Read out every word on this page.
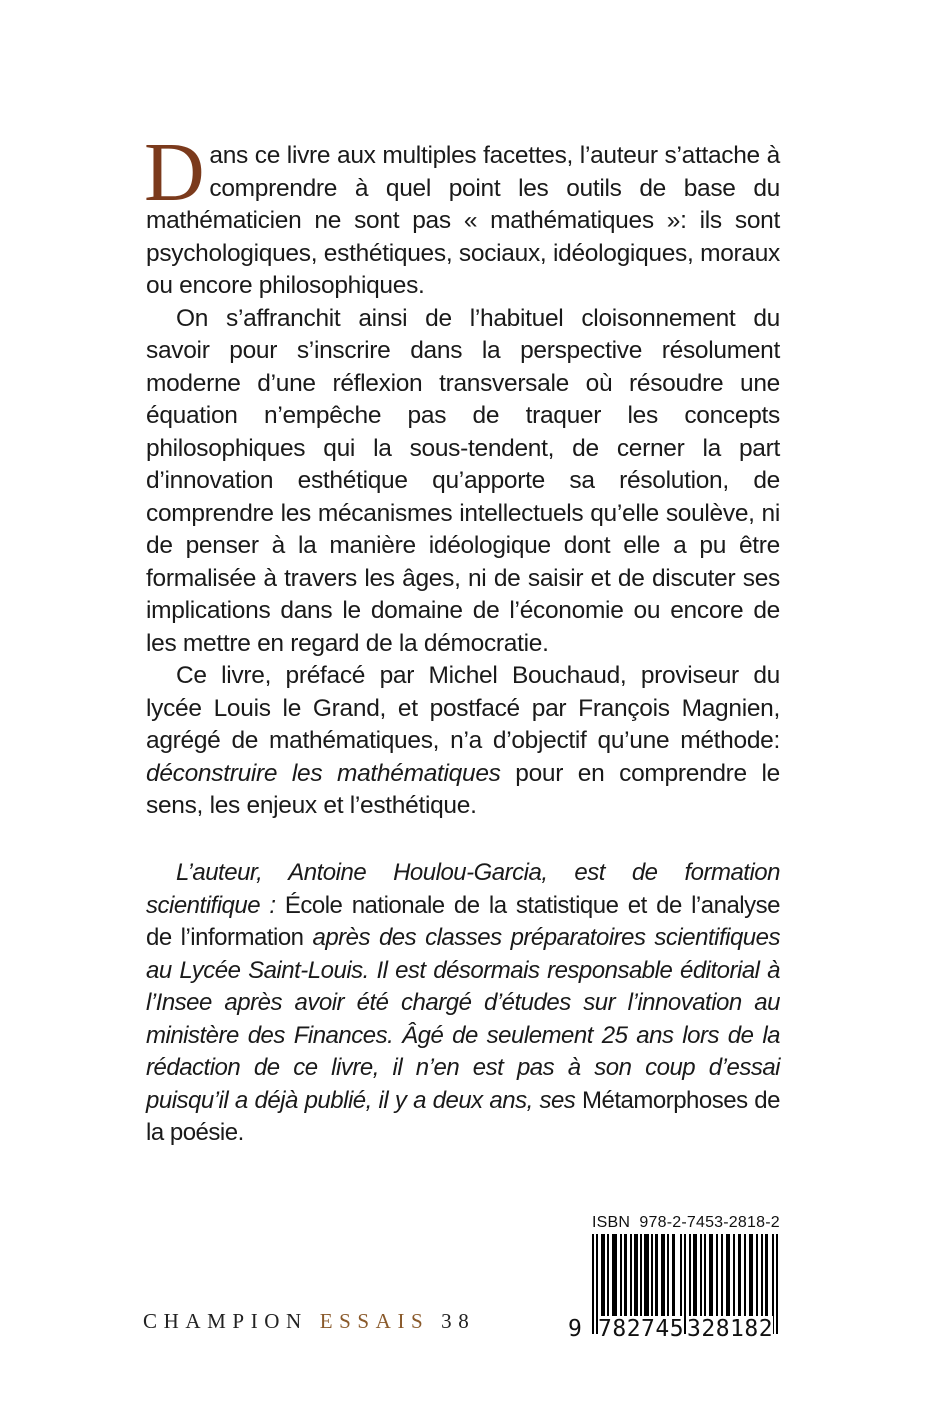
Dans ce livre aux multiples facettes, l’auteur s’attache à comprendre à quel point les outils de base du mathématicien ne sont pas « mathématiques »: ils sont psychologiques, esthétiques, sociaux, idéologiques, moraux ou encore philosophiques.

On s’affranchit ainsi de l’habituel cloisonnement du savoir pour s’inscrire dans la perspective résolument moderne d’une réflexion transversale où résoudre une équation n’empêche pas de traquer les concepts philosophiques qui la sous-tendent, de cerner la part d’innovation esthétique qu’apporte sa résolution, de comprendre les mécanismes intellectuels qu’elle soulève, ni de penser à la manière idéologique dont elle a pu être formalisée à travers les âges, ni de saisir et de discuter ses implications dans le domaine de l’économie ou encore de les mettre en regard de la démocratie.

Ce livre, préfacé par Michel Bouchaud, proviseur du lycée Louis le Grand, et postfacé par François Magnien, agrégé de mathématiques, n’a d’objectif qu’une méthode: déconstruire les mathématiques pour en comprendre le sens, les enjeux et l’esthétique.

L’auteur, Antoine Houlou-Garcia, est de formation scientifique : École nationale de la statistique et de l’analyse de l’information après des classes préparatoires scientifiques au Lycée Saint-Louis. Il est désormais responsable éditorial à l’Insee après avoir été chargé d’études sur l’innovation au ministère des Finances. Âgé de seulement 25 ans lors de la rédaction de ce livre, il n’en est pas à son coup d’essai puisqu’il a déjà publié, il y a deux ans, ses Métamorphoses de la poésie.

CHAMPION ESSAIS 38
ISBN  978-2-7453-2818-2
9 782745 328182
